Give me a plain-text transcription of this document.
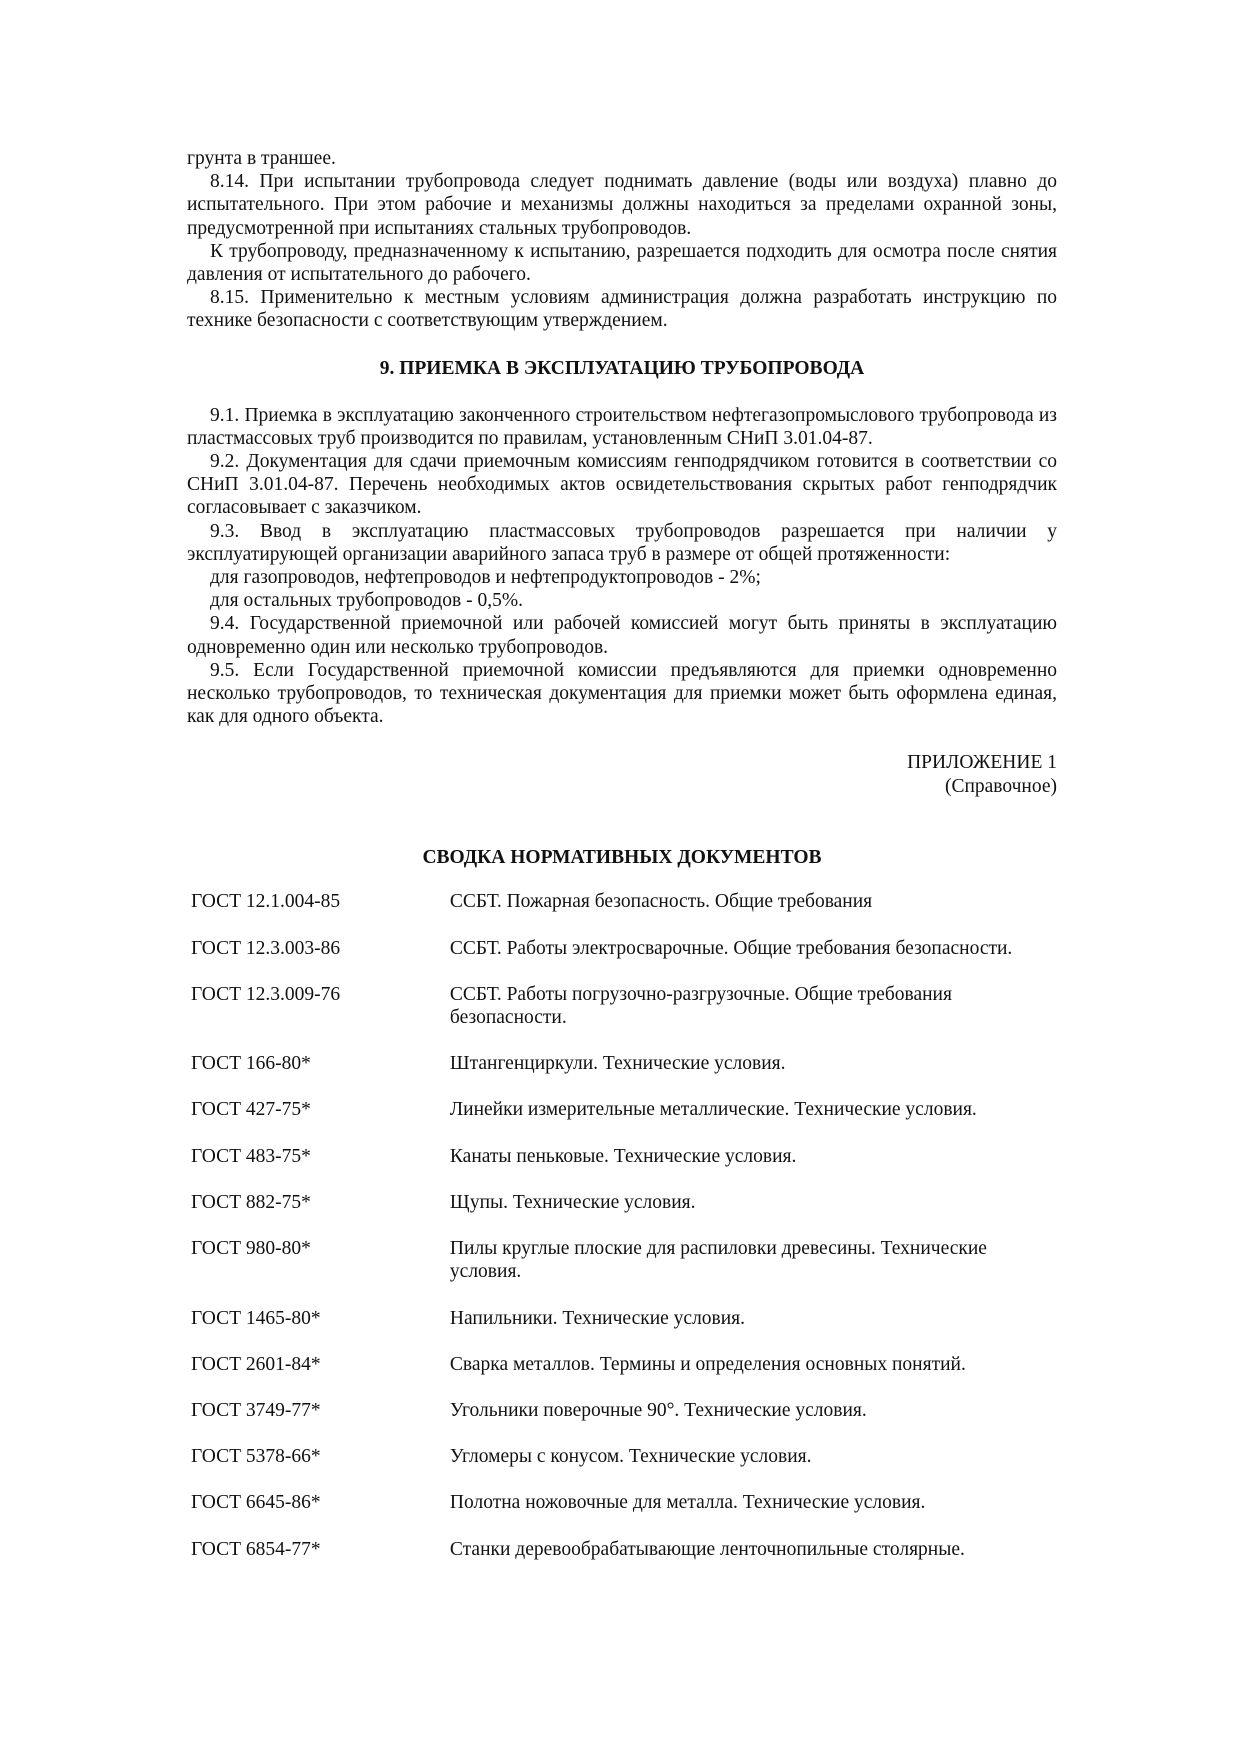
грунта в траншее.

8.14. При испытании трубопровода следует поднимать давление (воды или воздуха) плавно до испытательного. При этом рабочие и механизмы должны находиться за пределами охранной зоны, предусмотренной при испытаниях стальных трубопроводов.

К трубопроводу, предназначенному к испытанию, разрешается подходить для осмотра после снятия давления от испытательного до рабочего.

8.15. Применительно к местным условиям администрация должна разработать инструкцию по технике безопасности с соответствующим утверждением.

9. ПРИЕМКА В ЭКСПЛУАТАЦИЮ ТРУБОПРОВОДА

9.1. Приемка в эксплуатацию законченного строительством нефтегазопромыслового трубопровода из пластмассовых труб производится по правилам, установленным СНиП 3.01.04-87.

9.2. Документация для сдачи приемочным комиссиям генподрядчиком готовится в соответствии со СНиП 3.01.04-87. Перечень необходимых актов освидетельствования скрытых работ генподрядчик согласовывает с заказчиком.

9.3. Ввод в эксплуатацию пластмассовых трубопроводов разрешается при наличии у эксплуатирующей организации аварийного запаса труб в размере от общей протяженности:

для газопроводов, нефтепроводов и нефтепродуктопроводов - 2%;

для остальных трубопроводов - 0,5%.

9.4. Государственной приемочной или рабочей комиссией могут быть приняты в эксплуатацию одновременно один или несколько трубопроводов.

9.5. Если Государственной приемочной комиссии предъявляются для приемки одновременно несколько трубопроводов, то техническая документация для приемки может быть оформлена единая, как для одного объекта.

ПРИЛОЖЕНИЕ 1
(Справочное)
СВОДКА НОРМАТИВНЫХ ДОКУМЕНТОВ
ГОСТ 12.1.004-85	ССБТ. Пожарная безопасность. Общие требования
ГОСТ 12.3.003-86	ССБТ. Работы электросварочные. Общие требования безопасности.
ГОСТ 12.3.009-76	ССБТ. Работы погрузочно-разгрузочные. Общие требования безопасности.
ГОСТ 166-80*	Штангенциркули. Технические условия.
ГОСТ 427-75*	Линейки измерительные металлические. Технические условия.
ГОСТ 483-75*	Канаты пеньковые. Технические условия.
ГОСТ 882-75*	Щупы. Технические условия.
ГОСТ 980-80*	Пилы круглые плоские для распиловки древесины. Технические условия.
ГОСТ 1465-80*	Напильники. Технические условия.
ГОСТ 2601-84*	Сварка металлов. Термины и определения основных понятий.
ГОСТ 3749-77*	Угольники поверочные 90°. Технические условия.
ГОСТ 5378-66*	Угломеры с конусом. Технические условия.
ГОСТ 6645-86*	Полотна ножовочные для металла. Технические условия.
ГОСТ 6854-77*	Станки деревообрабатывающие ленточнопильные столярные.
